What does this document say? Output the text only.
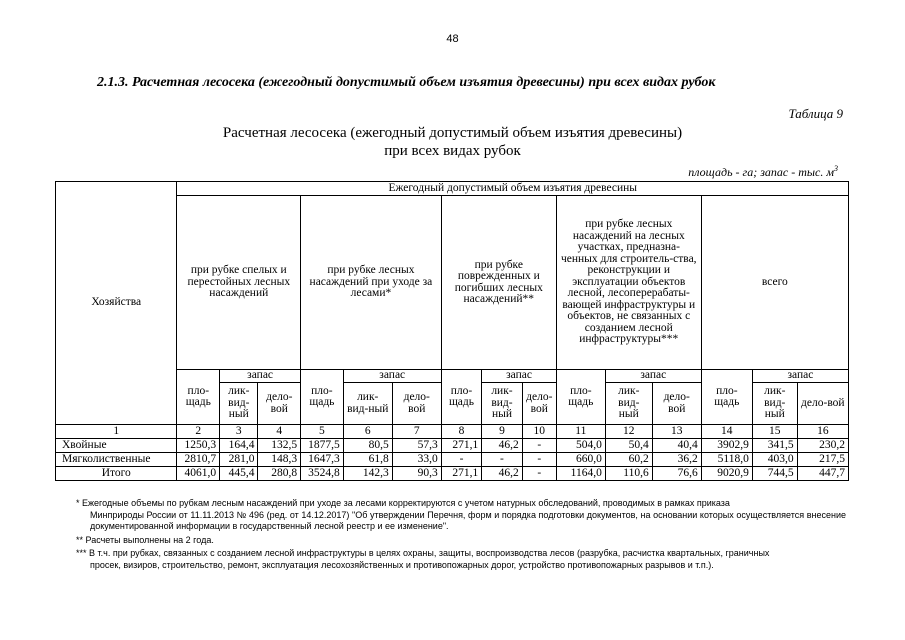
48
2.1.3. Расчетная лесосека (ежегодный допустимый объем изъятия древесины) при всех видах рубок
Таблица 9
Расчетная лесосека (ежегодный допустимый объем изъятия древесины)
при всех видах рубок
площадь - га; запас - тыс. $м^3$
Хозяйства	Ежегодный допустимый объем изъятия древесины														
	при рубке спелых и перестойных лесных насаждений			при рубке лесных насаждений при уходе за лесами*			при рубке поврежденных и погибших лесных насаждений**			при рубке лесных насаждений на лесных участках, предназна-ченных для строитель-ства, реконструкции и эксплуатации объектов лесной, лесоперерабаты-вающей инфраструктуры и объектов, не связанных с созданием лесной инфраструктуры***			всего		
	пло-щадь	запас		пло-щадь	запас		пло-щадь	запас		пло-щадь	запас		пло-щадь	запас	
		лик-вид-ный	дело-вой		лик-вид-ный	дело-вой		лик-вид-ный	дело-вой		лик-вид-ный	дело-вой		лик-вид-ный	дело-вой
1	2	3	4	5	6	7	8	9	10	11	12	13	14	15	16
Хвойные	1250,3	164,4	132,5	1877,5	80,5	57,3	271,1	46,2	-	504,0	50,4	40,4	3902,9	341,5	230,2
Мягколиственные	2810,7	281,0	148,3	1647,3	61,8	33,0	-	-	-	660,0	60,2	36,2	5118,0	403,0	217,5
Итого	4061,0	445,4	280,8	3524,8	142,3	90,3	271,1	46,2	-	1164,0	110,6	76,6	9020,9	744,5	447,7
* Ежегодные объемы по рубкам лесным насаждений при уходе за лесами корректируются с учетом натурных обследований, проводимых в рамках приказа
Минприроды России от 11.11.2013 № 496 (ред. от 14.12.2017) "Об утверждении Перечня, форм и порядка подготовки документов, на основании которых осуществляется внесение документированной информации в государственный лесной реестр и ее изменение".
** Расчеты выполнены на 2 года.
*** В т.ч. при рубках, связанных с созданием лесной инфраструктуры в целях охраны, защиты, воспроизводства лесов (разрубка, расчистка квартальных, граничных
просек, визиров, строительство, ремонт, эксплуатация лесохозяйственных и противопожарных дорог, устройство противопожарных разрывов и т.п.).
